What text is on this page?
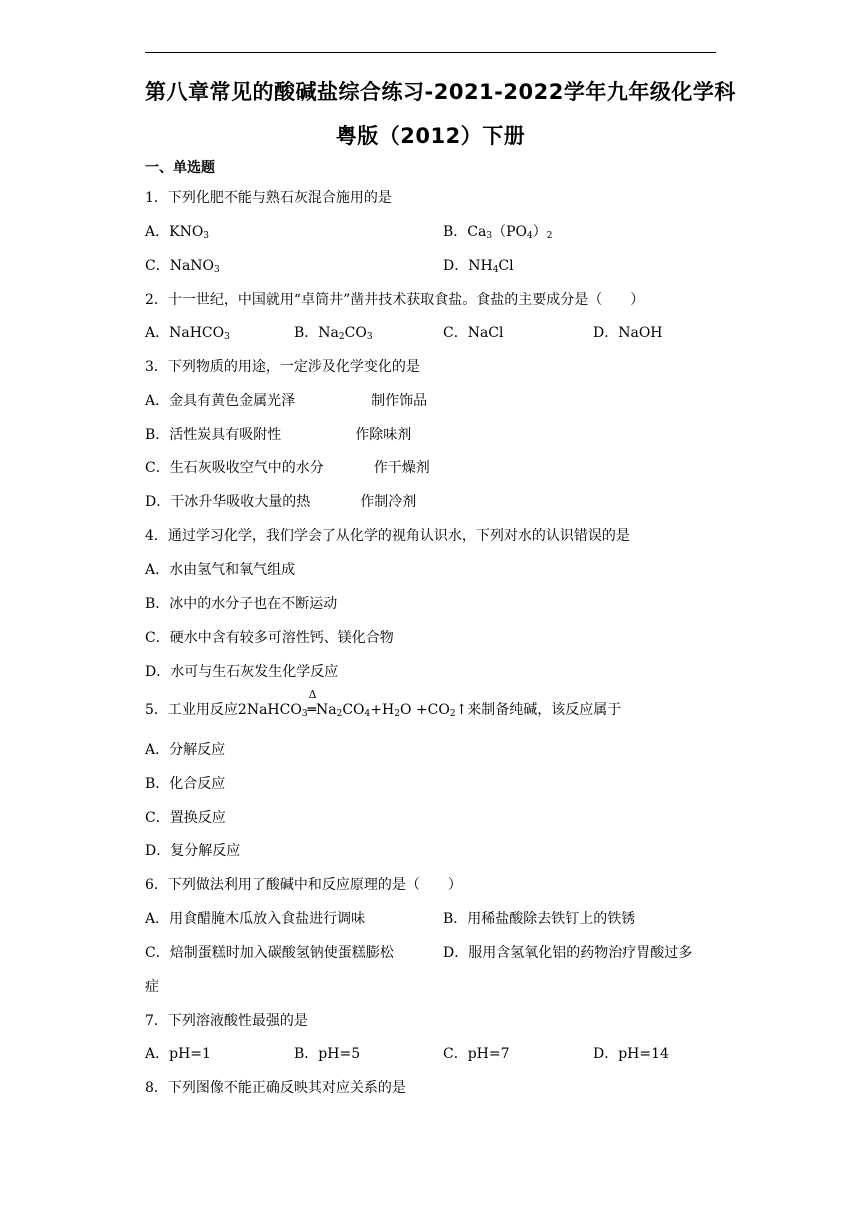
第八章常见的酸碱盐综合练习-2021-2022学年九年级化学科
粤版（2012）下册
一、单选题
1．下列化肥不能与熟石灰混合施用的是
A．$KNO_3$	B．$Ca_3(PO_4)_2$
C．NaNO$_3$	D．$NH_4Cl$
2．十一世纪，中国就用“卓筒井”凿井技术获取食盐。食盐的主要成分是（　　）
A．NaHCO$_3$	B．$Na_2CO_3$	C．NaCl	D．NaOH
3．下列物质的用途，一定涉及化学变化的是
A．金具有黄色金属光泽	制作饰品
B．活性炭具有吸附性	作除味剂
C．生石灰吸收空气中的水分	作干燥剂
D．干冰升华吸收大量的热	作制冷剂
4．通过学习化学，我们学会了从化学的视角认识水，下列对水的认识错误的是
A．水由氢气和氧气组成
B．冰中的水分子也在不断运动
C．硬水中含有较多可溶性钙、镁化合物
D．水可与生石灰发生化学反应
5．工业用反应2NaHCO$_3$
Δ
$═Na_2CO_4+H_2O$ $+CO_2↑$来制备纯碱，该反应属于
A．分解反应
B．化合反应
C．置换反应
D．复分解反应
6．下列做法利用了酸碱中和反应原理的是（　　）
A．用食醋腌木瓜放入食盐进行调味	B．用稀盐酸除去铁钉上的铁锈
C．焙制蛋糕时加入碳酸氢钠使蛋糕膨松	D．服用含氢氧化铝的药物治疗胃酸过多
症
7．下列溶液酸性最强的是
A．pH=1	B．pH=5	C．pH=7	D．pH=14
8．下列图像不能正确反映其对应关系的是
